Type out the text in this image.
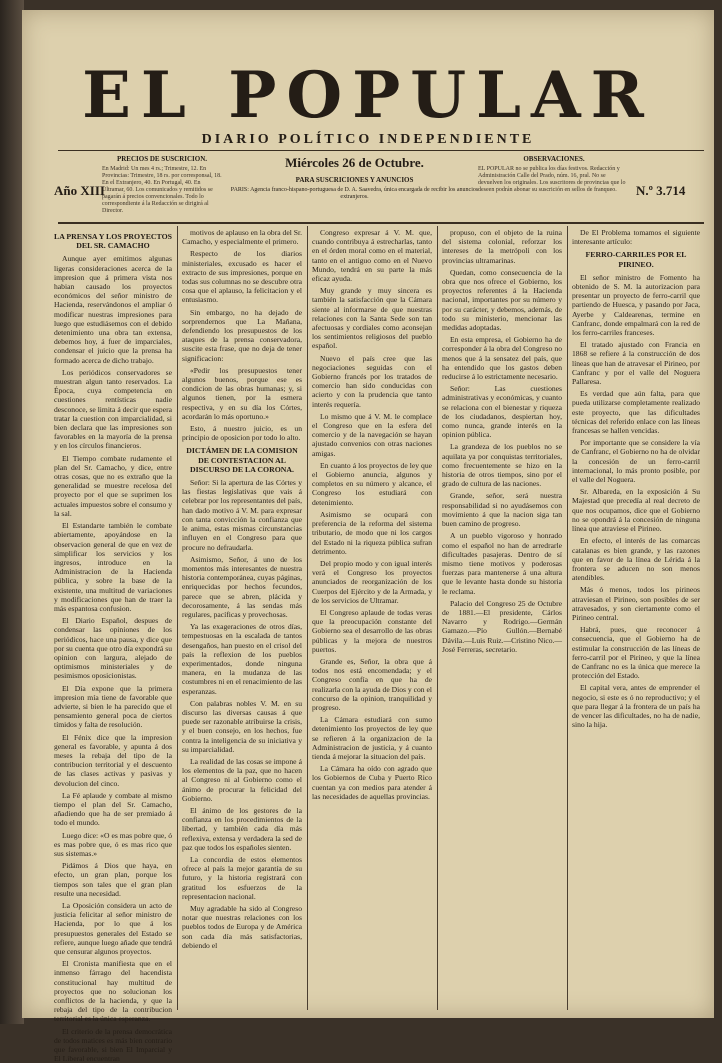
EL POPULAR
DIARIO POLÍTICO INDEPENDIENTE
PRECIOS DE SUSCRICION.
En Madrid: Un mes 4 rs.; Trimestre, 12. En Provincias: Trimestre, 18 rs. por corresponsal, 18. En el Extranjero, 40. En Portugal, 40. En Ultramar, 60. Los comunicados y remitidos se pagarán á precios convencionales. Todo lo correspondiente á la Redacción se dirigirá al Director.
Año XIII
Miércoles 26 de Octubre.
PARA SUSCRICIONES Y ANUNCIOS
PARIS: Agencia franco-hispano-portuguesa de D. A. Saavedra, única encargada de recibir los anuncios extranjeros.
OBSERVACIONES.
EL POPULAR no se publica los días festivos. Redacción y Administración Calle del Prado, núm. 16, pral. No se devuelven los originales. Los suscritores de provincias que lo deseen podrán abonar su suscrición en sellos de franqueo.	N.º 3.714
LA PRENSA Y LOS PROYECTOS DEL SR. CAMACHO

Aunque ayer emitimos algunas ligeras consideraciones acerca de la impresion que á primera vista nos habian causado los proyectos económicos del señor ministro de Hacienda, reservándonos el ampliar ó modificar nuestras impresiones para luego que estudiásemos con el debido detenimiento una obra tan extensa, debemos hoy, á fuer de imparciales, condensar el juicio que la prensa ha formado acerca de dicho trabajo.

Los periódicos conservadores se muestran algun tanto reservados. La Época, cuya competencia en cuestiones rentísticas nadie desconoce, se limita á decir que espera tratar la cuestion con imparcialidad, si bien declara que las impresiones son favorables en la mayoría de la prensa y en los círculos financieros.

El Tiempo combate rudamente el plan del Sr. Camacho, y dice, entre otras cosas, que no es extraño que la generalidad se muestre recelosa del proyecto por el que se suprimen los actuales impuestos sobre el consumo y la sal.

El Estandarte también le combate abiertamente, apoyándose en la observacion general de que en vez de simplificar los servicios y los ingresos, introduce en la Administracion de la Hacienda pública, y sobre la base de la existente, una multitud de variaciones y modificaciones que han de traer la más espantosa confusion.

El Diario Español, despues de condensar las opiniones de los periódicos, hace una pausa, y dice que por su cuenta que otro día expondrá su opinion con largura, alejado de optimismos ministeriales y de pesimismos oposicionistas.

El Día expone que la primera impresion mía tiene de favorable que advierte, si bien le ha parecido que el pensamiento general poca de ciertos tímidos y falta de resolución.

El Fénix dice que la impresion general es favorable, y apunta á dos meses la rebaja del tipo de la contribucion territorial y el descuento de las clases activas y pasivas y devolucion del cinco.

La Fé aplaude y combate al mismo tiempo el plan del Sr. Camacho, añadiendo que ha de ser premiado á todo el mundo.

Luego dice: «O es mas pobre que, ó es mas pobre que, ó es mas rico que sus sistemas.»

Pidámos á Dios que haya, en efecto, un gran plan, porque los tiempos son tales que el gran plan resulte una necesidad.

La Oposición considera un acto de justicia felicitar al señor ministro de Hacienda, por lo que á los presupuestos generales del Estado se refiere, aunque luego añade que tendrá que censurar algunos proyectos.

El Cronista manifiesta que en el inmenso fárrago del hacendista constitucional hay multitud de proyectos que no solucionan los conflictos de la hacienda, y que la rebaja del tipo de la contribucion territorial es la única esperanza.

El criterio de la prensa democrática de todos matices es más bien contrario que favorable, si bien El Imparcial y El Liberal encuentran

motivos de aplauso en la obra del Sr. Camacho, y especialmente el primero.

Respecto de los diarios ministeriales, excusado es hacer el extracto de sus impresiones, porque en todas sus columnas no se descubre otra cosa que el aplauso, la felicitacion y el entusiasmo.

Sin embargo, no ha dejado de sorprendernos que La Mañana, defendiendo los presupuestos de los ataques de la prensa conservadora, suscite esta frase, que no deja de tener significacion:

«Pedir los presupuestos tener algunos buenos, porque ese es condicion de las obras humanas; y, si algunos tienen, por la esmera respectiva, y en su día los Córtes, acordarán lo más oportuno.»

Esto, á nuestro juicio, es un principio de oposicion por todo lo alto.

DICTÁMEN DE LA COMISION DE CONTESTACION AL DISCURSO DE LA CORONA.

Señor: Si la apertura de las Córtes y las fiestas legislativas que vais á celebrar por los representantes del país, han dado motivo á V. M. para expresar con tanta convicción la confianza que le anima, estas mismas circunstancias influyen en el Congreso para que procure no defraudarla.

Asimismo, Señor, á uno de los momentos más interesantes de nuestra historia contemporánea, cuyas páginas, enriquecidas por hechos fecundos, parece que se abren, plácida y decorosamente, á las sendas más regulares, pacíficas y provechosas.

Ya las exageraciones de otros días, tempestuosas en la escalada de tantos desengaños, han puesto en el crisol del país la reflexion de los pueblos experimentados, donde ninguna manera, en la mudanza de las costumbres ni en el renacimiento de las esperanzas.

Con palabras nobles V. M. en su discurso las diversas causas á que puede ser razonable atribuirse la crisis, y el buen consejo, en los hechos, fue contra la inteligencia de su iniciativa y su imparcialidad.

La realidad de las cosas se impone á los elementos de la paz, que no hacen al Congreso ni al Gobierno como el ánimo de procurar la felicidad del Gobierno.

El ánimo de los gestores de la confianza en los procedimientos de la libertad, y también cada día más reflexiva, extensa y verdadera la sed de paz que todos los españoles sienten.

La concordia de estos elementos ofrece al país la mejor garantía de su futuro, y la historia registrará con gratitud los esfuerzos de la representacion nacional.

Muy agradable ha sido al Congreso notar que nuestras relaciones con los pueblos todos de Europa y de América son cada día más satisfactorias, debiendo el

Congreso expresar á V. M. que, cuando contribuya á estrecharlas, tanto en el órden moral como en el material, tanto en el antiguo como en el Nuevo Mundo, tendrá en su parte la más eficaz ayuda.

Muy grande y muy sincera es también la satisfacción que la Cámara siente al informarse de que nuestras relaciones con la Santa Sede son tan afectuosas y cordiales como aconsejan los sentimientos religiosos del pueblo español.

Nuevo el país cree que las negociaciones seguidas con el Gobierno francés por los tratados de comercio han sido conducidas con acierto y con la prudencia que tanto interés requería.

Lo mismo que á V. M. le complace el Congreso que en la esfera del comercio y de la navegación se hayan ajustado convenios con otras naciones amigas.

En cuanto á los proyectos de ley que el Gobierno anuncia, algunos y completos en su número y alcance, el Congreso los estudiará con detenimiento.

Asimismo se ocupará con preferencia de la reforma del sistema tributario, de modo que ni los cargos del Estado ni la riqueza pública sufran detrimento.

Del propio modo y con igual interés verá el Congreso los proyectos anunciados de reorganización de los Cuerpos del Ejército y de la Armada, y de los servicios de Ultramar.

El Congreso aplaude de todas veras que la preocupación constante del Gobierno sea el desarrollo de las obras públicas y la mejora de nuestros puertos.

Grande es, Señor, la obra que á todos nos está encomendada; y el Congreso confía en que ha de realizarla con la ayuda de Dios y con el concurso de la opinion, tranquilidad y progreso.

La Cámara estudiará con sumo detenimiento los proyectos de ley que se refieren á la organizacion de la Administracion de justicia, y á cuanto tienda á mejorar la situacion del país.

La Cámara ha oído con agrado que los Gobiernos de Cuba y Puerto Rico cuentan ya con medios para atender á las necesidades de aquellas provincias.

propuso, con el objeto de la ruina del sistema colonial, reforzar los intereses de la metrópoli con los provincias ultramarinas.

Quedan, como consecuencia de la obra que nos ofrece el Gobierno, los proyectos referentes á la Hacienda nacional, importantes por su número y por su carácter, y debemos, además, de todo su ministerio, mencionar las medidas adoptadas.

En esta empresa, el Gobierno ha de corresponder á la obra del Congreso no menos que á la sensatez del país, que ha entendido que los gastos deben reducirse á lo estrictamente necesario.

Señor: Las cuestiones administrativas y económicas, y cuanto se relaciona con el bienestar y riqueza de los ciudadanos, despiertan hoy, como nunca, grande interés en la opinion pública.

La grandeza de los pueblos no se aquilata ya por conquistas territoriales, como frecuentemente se hizo en la historia de otros tiempos, sino por el grado de cultura de las naciones.

Grande, señor, será nuestra responsabilidad si no ayudásemos con movimiento á que la nacion siga tan buen camino de progreso.

A un pueblo vigoroso y honrado como el español no han de arredrarle dificultades pasajeras. Dentro de sí mismo tiene motivos y poderosas fuerzas para mantenerse á una altura que le levante hasta donde su historia le reclama.

Palacio del Congreso 25 de Octubre de 1881.—El presidente, Cárlos Navarro y Rodrigo.—Germán Gamazo.—Pío Gullón.—Bernabé Dávila.—Luis Ruiz.—Cristino Nico.—José Ferreras, secretario.

De El Problema tomamos el siguiente interesante artículo:

FERRO-CARRILES POR EL PIRINEO.

El señor ministro de Fomento ha obtenido de S. M. la autorizacion para presentar un proyecto de ferro-carril que partiendo de Huesca, y pasando por Jaca, Ayerbe y Caldearenas, termine en Canfranc, donde empalmará con la red de los ferro-carriles franceses.

El tratado ajustado con Francia en 1868 se refiere á la construcción de dos líneas que han de atravesar el Pirineo, por Canfranc y por el valle del Noguera Pallaresa.

Es verdad que aún falta, para que pueda utilizarse completamente realizado este proyecto, que las dificultades técnicas del referido enlace con las líneas francesas se hallen vencidas.

Por importante que se considere la vía de Canfranc, el Gobierno no ha de olvidar la concesión de un ferro-carril internacional, lo más pronto posible, por el valle del Noguera.

Sr. Albareda, en la exposición á Su Majestad que precedía al real decreto de que nos ocupamos, dice que el Gobierno no se opondrá á la concesión de ninguna línea que atraviese el Pirineo.

En efecto, el interés de las comarcas catalanas es bien grande, y las razones que en favor de la línea de Lérida á la frontera se aducen no son menos atendibles.

Más ó menos, todos los pirineos atraviesan el Pirineo, son posibles de ser atravesados, y son ciertamente como el Pirineo central.

Habrá, pues, que reconocer á consecuencia, que el Gobierno ha de estimular la construcción de las líneas de ferro-carril por el Pirineo, y que la línea de Canfranc no es la única que merece la protección del Estado.

El capital vera, antes de emprender el negocio, si este es ó no reproductivo; y el que para llegar á la frontera de un país ha de vencer las dificultades, no ha de nadie, sino la hija.
